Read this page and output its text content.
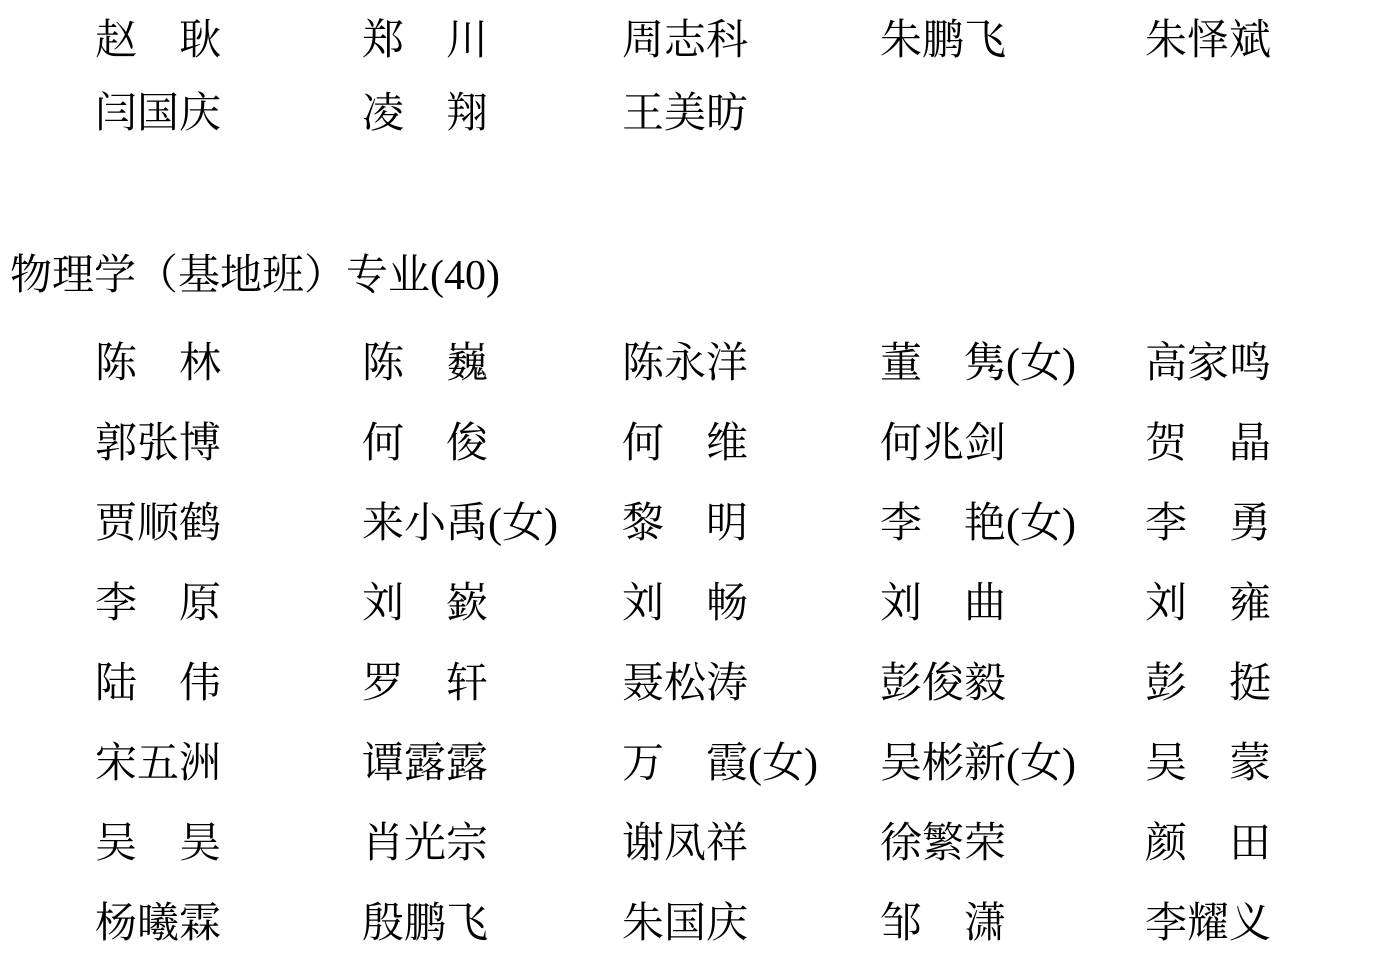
赵　耿	郑　川	周志科	朱鹏飞	朱怿斌
闫国庆	凌　翔	王美昉
物理学（基地班）专业(40)
陈　林	陈　巍	陈永洋	董　隽(女)	高家鸣
郭张博	何　俊	何　维	何兆剑	贺　晶
贾顺鹤	来小禹(女)	黎　明	李　艳(女)	李　勇
李　原	刘　嶔	刘　畅	刘　曲	刘　雍
陆　伟	罗　轩	聂松涛	彭俊毅	彭　挺
宋五洲	谭露露	万　霞(女)	吴彬新(女)	吴　蒙
吴　昊	肖光宗	谢凤祥	徐繁荣	颜　田
杨曦霖	殷鹏飞	朱国庆	邹　潇	李耀义
